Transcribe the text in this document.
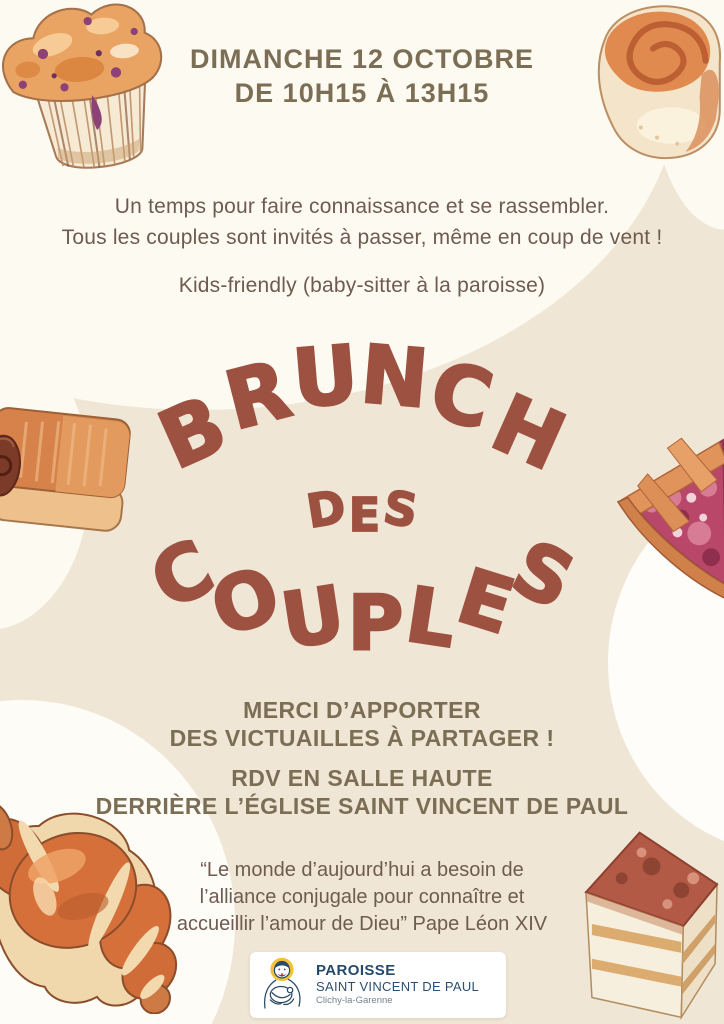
DIMANCHE 12 OCTOBRE
DE 10H15 À 13H15
Un temps pour faire connaissance et se rassembler.
Tous les couples sont invités à passer, même en coup de vent !
Kids-friendly (baby-sitter à la paroisse)
BRUNCH
DES
COUPLES
MERCI D’APPORTER
DES VICTUAILLES À PARTAGER !
RDV EN SALLE HAUTE
DERRIÈRE L’ÉGLISE SAINT VINCENT DE PAUL
“Le monde d’aujourd’hui a besoin de
l’alliance conjugale pour connaître et
accueillir l’amour de Dieu” Pape Léon XIV
PAROISSE
SAINT VINCENT DE PAUL
Clichy-la-Garenne
